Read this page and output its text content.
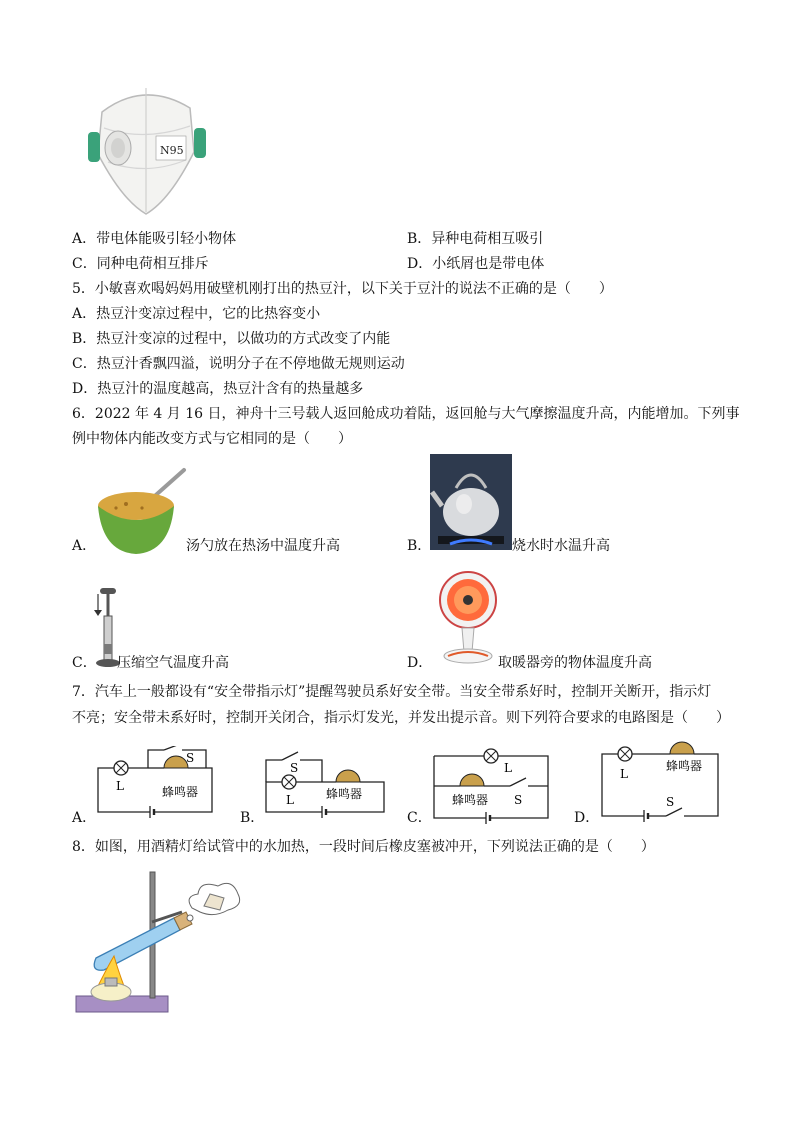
N95
A．带电体能吸引轻小物体	B．异种电荷相互吸引
C．同种电荷相互排斥	D．小纸屑也是带电体
5．小敏喜欢喝妈妈用破壁机刚打出的热豆汁，以下关于豆汁的说法不正确的是（　　）
A．热豆汁变凉过程中，它的比热容变小
B．热豆汁变凉的过程中，以做功的方式改变了内能
C．热豆汁香飘四溢，说明分子在不停地做无规则运动
D．热豆汁的温度越高，热豆汁含有的热量越多
6．2022 年 4 月 16 日，神舟十三号载人返回舱成功着陆，返回舱与大气摩擦温度升高，内能增加。下列事
例中物体内能改变方式与它相同的是（　　）
A．	汤勺放在热汤中温度升高	B．	烧水时水温升高
C． 压缩空气温度升高	D．	取暖器旁的物体温度升高
7．汽车上一般都设有“安全带指示灯”提醒驾驶员系好安全带。当安全带系好时，控制开关断开，指示灯
不亮；安全带未系好时，控制开关闭合，指示灯发光，并发出提示音。则下列符合要求的电路图是（　　）
A．
L
S
蜂鸣器
B．
L
S
蜂鸣器
C．
L
S
蜂鸣器
D．
L
S
蜂鸣器
8．如图，用酒精灯给试管中的水加热，一段时间后橡皮塞被冲开，下列说法正确的是（　　）
